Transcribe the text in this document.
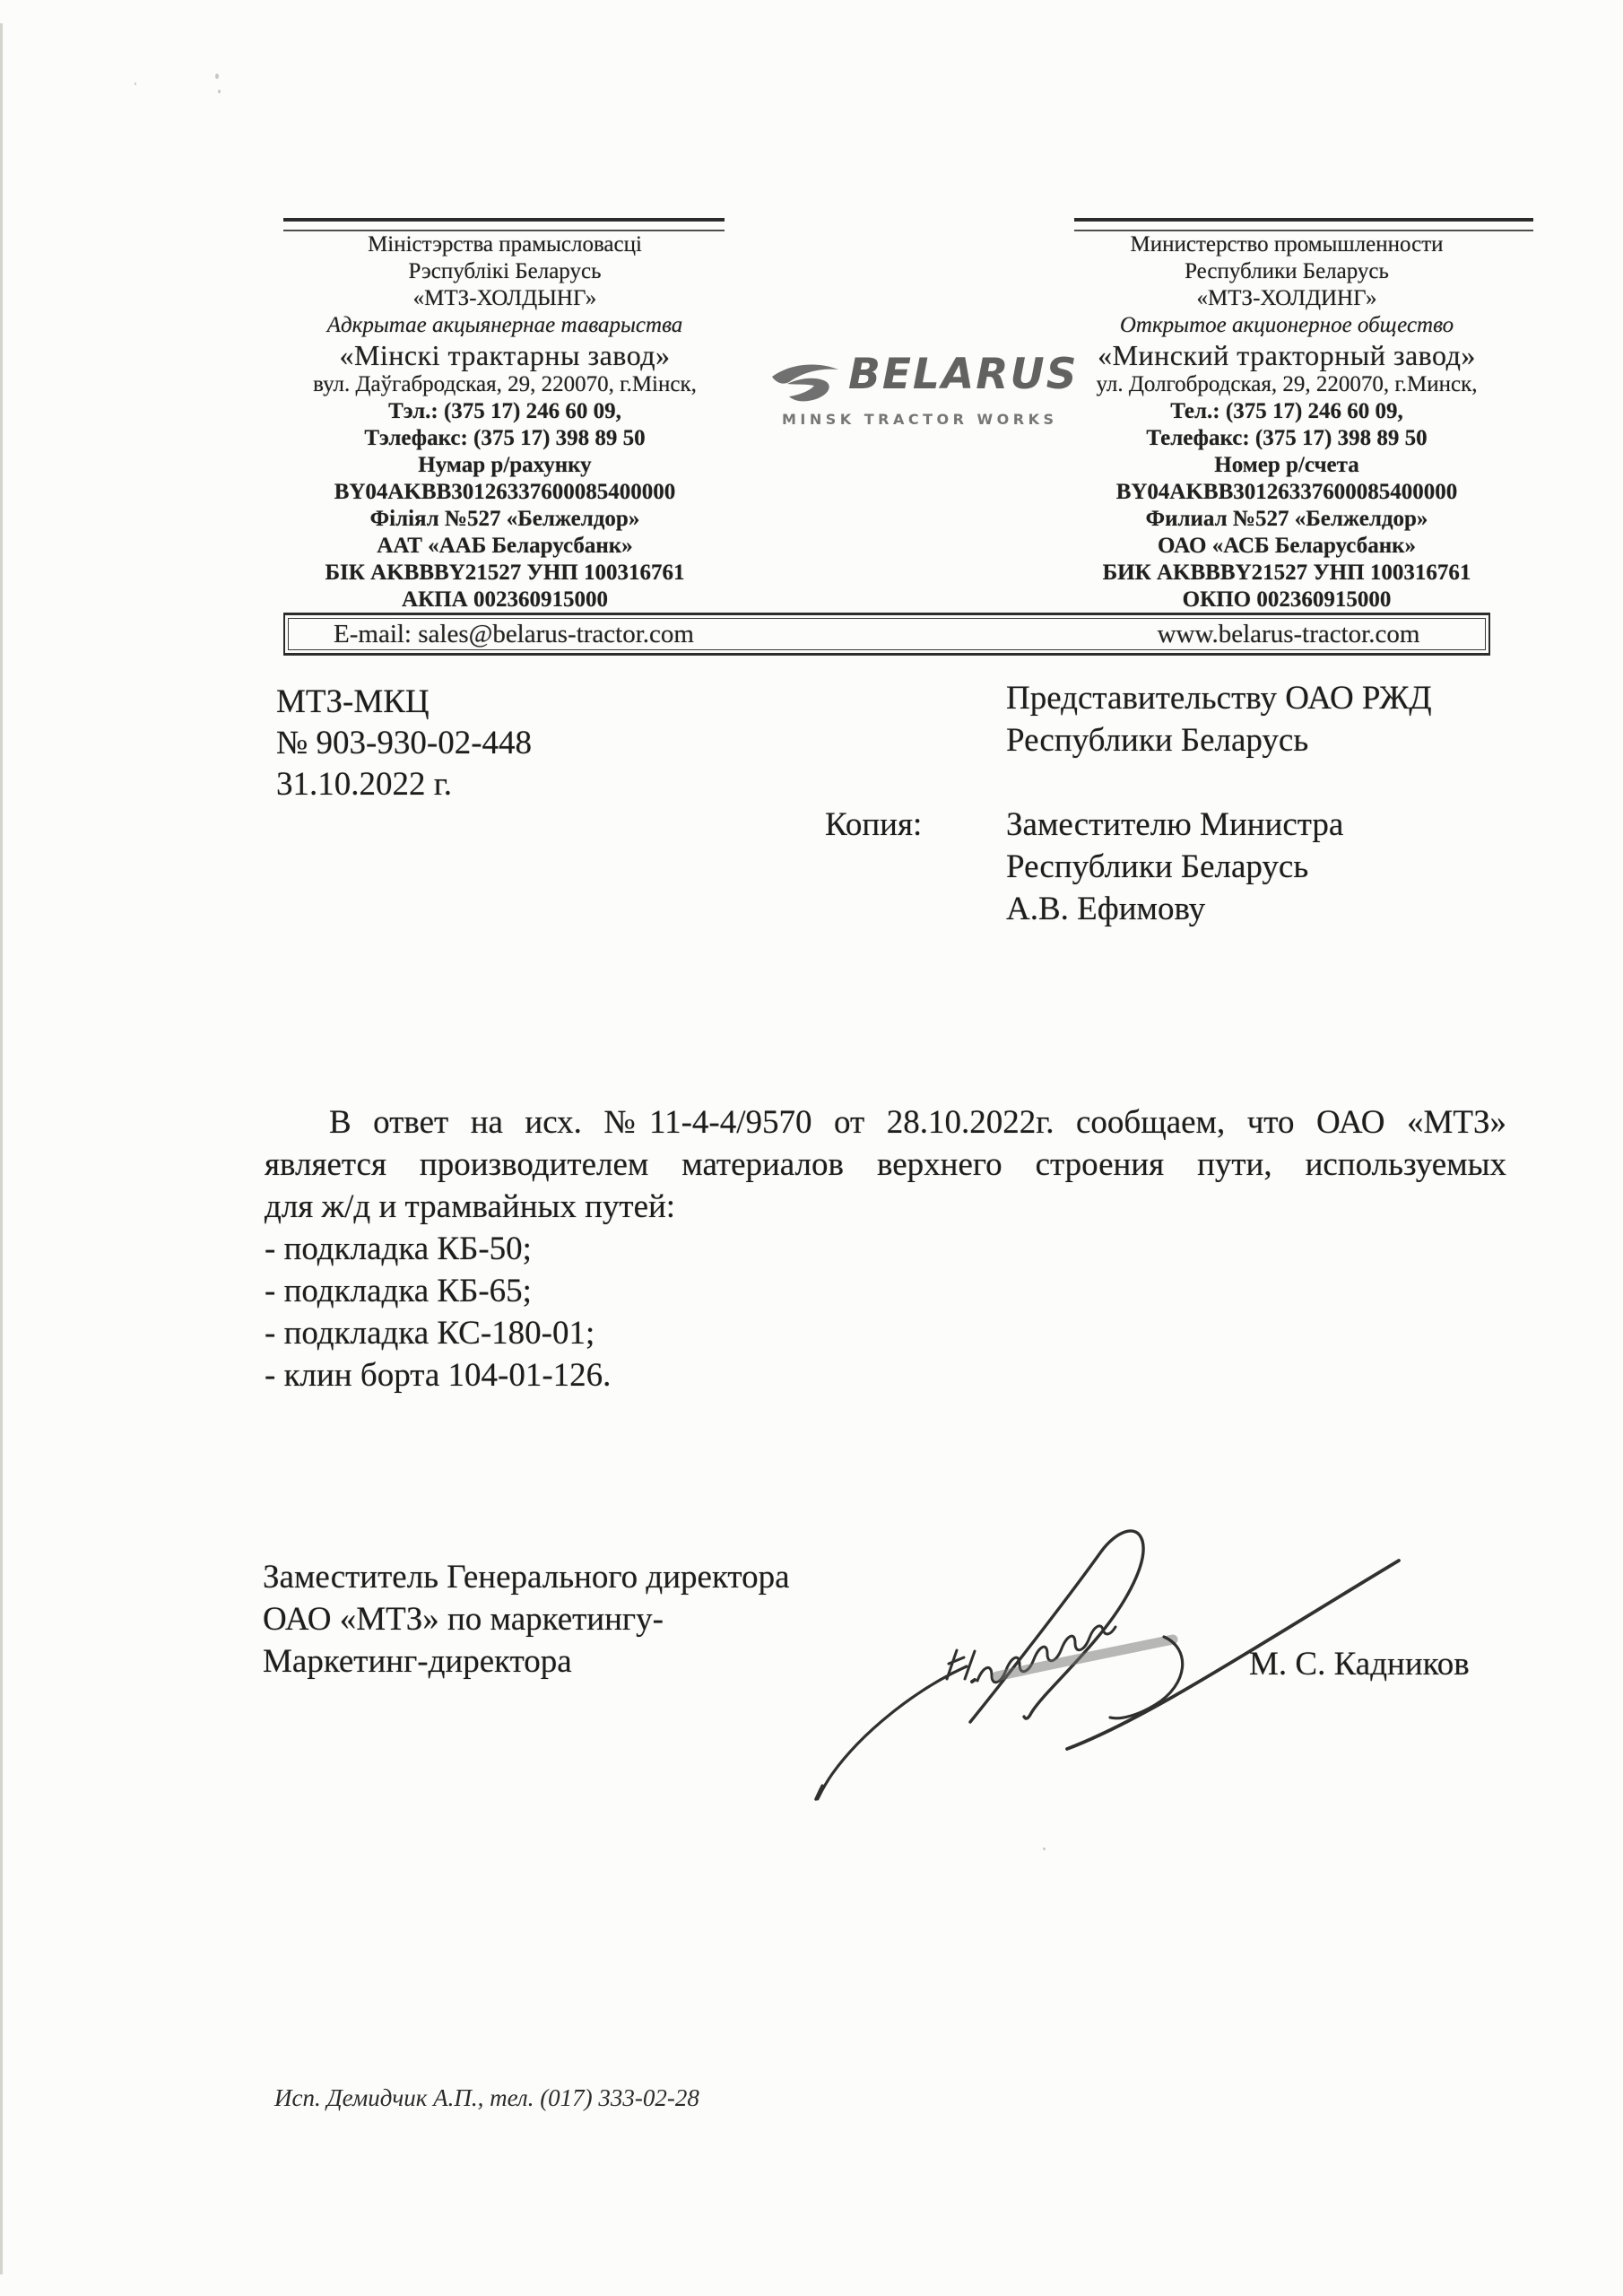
Міністэрства прамысловасці
Рэспублікі Беларусь
«МТЗ-ХОЛДЫНГ»
Адкрытае акцыянернае таварыства
«Мінскі трактарны завод»
вул. Даўгабродская, 29, 220070, г.Мінск,
Тэл.: (375 17) 246 60 09,
Тэлефакс: (375 17) 398 89 50
Нумар р/рахунку
BY04AKBB30126337600085400000
Філіял №527 «Белжелдор»
ААТ «ААБ Беларусбанк»
БІК AKBBBY21527 УНП 100316761
АКПА 002360915000
Министерство промышленности
Республики Беларусь
«МТЗ-ХОЛДИНГ»
Открытое акционерное общество
«Минский тракторный завод»
ул. Долгобродская, 29, 220070, г.Минск,
Тел.: (375 17) 246 60 09,
Телефакс: (375 17) 398 89 50
Номер р/счета
BY04AKBB30126337600085400000
Филиал №527 «Белжелдор»
ОАО «АСБ Беларусбанк»
БИК AKBBBY21527 УНП 100316761
ОКПО 002360915000
BELARUS
MINSK TRACTOR WORKS
E-mail: sales@belarus-tractor.com	www.belarus-tractor.com
МТЗ-МКЦ
№ 903-930-02-448
31.10.2022 г.
Представительству ОАО РЖД
Республики Беларусь
Копия:	Заместителю Министра
Республики Беларусь
А.В. Ефимову
В ответ на исх. №11-4-4/9570 от 28.10.2022г. сообщаем, что ОАО «МТЗ»
является производителем материалов верхнего строения пути, используемых
для ж/д и трамвайных путей:
- подкладка КБ-50;
- подкладка КБ-65;
- подкладка КС-180-01;
- клин борта 104-01-126.
Заместитель Генерального директора
ОАО «МТЗ» по маркетингу-
Маркетинг-директора	М. С. Кадников
Исп. Демидчик А.П., тел. (017) 333-02-28
